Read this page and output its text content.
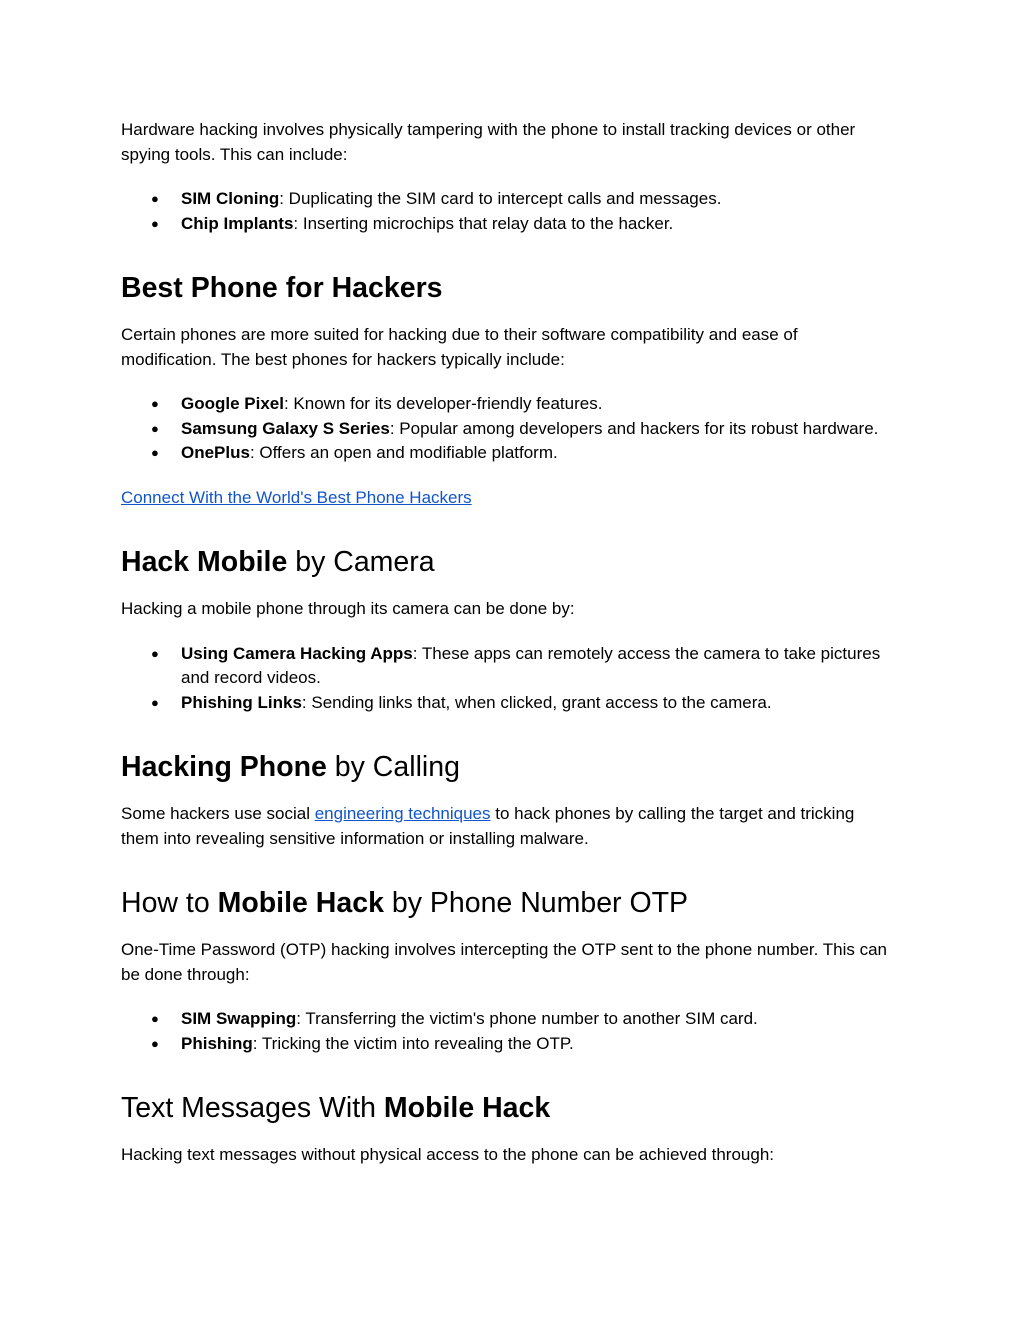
Hardware hacking involves physically tampering with the phone to install tracking devices or other spying tools. This can include:

● SIM Cloning: Duplicating the SIM card to intercept calls and messages.
● Chip Implants: Inserting microchips that relay data to the hacker.
Best Phone for Hackers

Certain phones are more suited for hacking due to their software compatibility and ease of modification. The best phones for hackers typically include:

● Google Pixel: Known for its developer-friendly features.
● Samsung Galaxy S Series: Popular among developers and hackers for its robust hardware.
● OnePlus: Offers an open and modifiable platform.

Connect With the World's Best Phone Hackers

Hack Mobile by Camera

Hacking a mobile phone through its camera can be done by:

● Using Camera Hacking Apps: These apps can remotely access the camera to take pictures and record videos.
● Phishing Links: Sending links that, when clicked, grant access to the camera.
Hacking Phone by Calling

Some hackers use social engineering techniques to hack phones by calling the target and tricking them into revealing sensitive information or installing malware.

How to Mobile Hack by Phone Number OTP

One-Time Password (OTP) hacking involves intercepting the OTP sent to the phone number. This can be done through:

● SIM Swapping: Transferring the victim's phone number to another SIM card.
● Phishing: Tricking the victim into revealing the OTP.
Text Messages With Mobile Hack

Hacking text messages without physical access to the phone can be achieved through:
